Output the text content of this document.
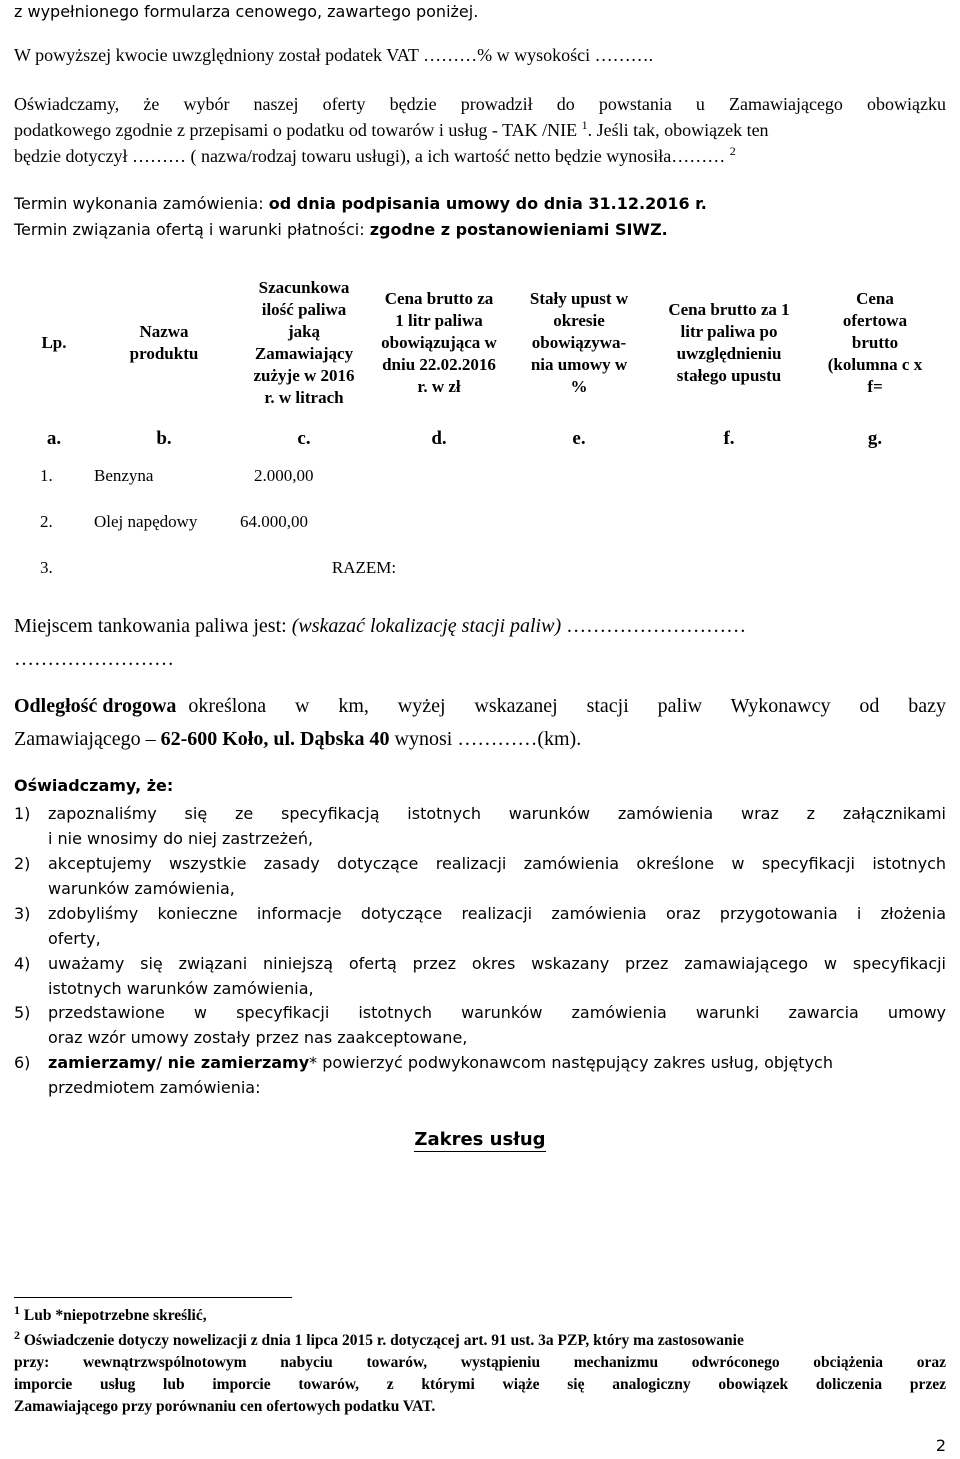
z wypełnionego formularza cenowego, zawartego poniżej.
W powyższej kwocie uwzględniony został podatek VAT ………% w wysokości ……….
Oświadczamy, że wybór naszej oferty będzie prowadził do powstania u Zamawiającego obowiązku
podatkowego zgodnie z przepisami o podatku od towarów i usług - TAK /NIE $^1$. Jeśli tak, obowiązek ten
będzie dotyczył ……… ( nazwa/rodzaj towaru usługi), a ich wartość netto będzie wynosiła……… $^2$
Termin wykonania zamówienia: od dnia podpisania umowy do dnia 31.12.2016 r.
Termin związania ofertą i warunki płatności: zgodne z postanowieniami SIWZ.
Lp.	Nazwa produktu	Szacunkowa ilość paliwa jaką Zamawiający zużyje w 2016 r. w litrach	Cena brutto za 1 litr paliwa obowiązująca w dniu 22.02.2016 r. w zł	Stały upust w okresie obowiązywa-nia umowy w %	Cena brutto za 1 litr paliwa po uwzględnieniu stałego upustu	Cena ofertowa brutto (kolumna c x f=
a.	b.	c.	d.	e.	f.	g.
1.	Benzyna	2.000,00				
2.	Olej napędowy	64.000,00				
3.	RAZEM:					
Miejscem tankowania paliwa jest: (wskazać lokalizację stacji paliw) ………………………
……………………
Odległość drogowa określona w km, wyżej wskazanej stacji paliw Wykonawcy od bazy
Zamawiającego – 62-600 Koło, ul. Dąbska 40 wynosi …………(km).
Oświadczamy, że:
1) zapoznaliśmy się ze specyfikacją istotnych warunków zamówienia wraz z załącznikami
i nie wnosimy do niej zastrzeżeń,
2) akceptujemy wszystkie zasady dotyczące realizacji zamówienia określone w specyfikacji istotnych
warunków zamówienia,
3) zdobyliśmy konieczne informacje dotyczące realizacji zamówienia oraz przygotowania i złożenia
oferty,
4) uważamy się związani niniejszą ofertą przez okres wskazany przez zamawiającego w specyfikacji
istotnych warunków zamówienia,
5) przedstawione w specyfikacji istotnych warunków zamówienia warunki zawarcia umowy
oraz wzór umowy zostały przez nas zaakceptowane,
6) zamierzamy/ nie zamierzamy* powierzyć podwykonawcom następujący zakres usług, objętych
przedmiotem zamówienia:
Zakres usług
$^1$ Lub *niepotrzebne skreślić,
$^2$ Oświadczenie dotyczy nowelizacji z dnia 1 lipca 2015 r. dotyczącej art. 91 ust. 3a PZP, który ma zastosowanie
przy: wewnątrzwspólnotowym nabyciu towarów, wystąpieniu mechanizmu odwróconego obciążenia oraz
imporcie usług lub imporcie towarów, z którymi wiąże się analogiczny obowiązek doliczenia przez
Zamawiającego przy porównaniu cen ofertowych podatku VAT.
2
